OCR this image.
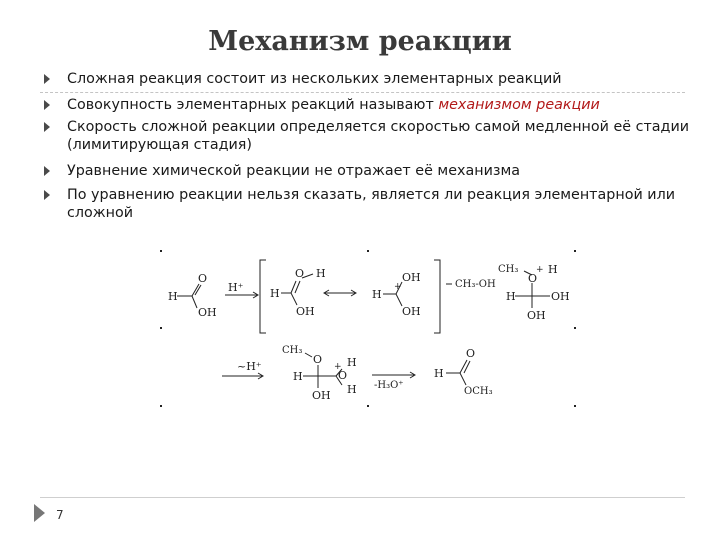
Механизм реакции
Сложная реакция состоит из нескольких элементарных реакций
Совокупность элементарных реакций называют механизмом реакции
Скорость сложной реакции определяется скоростью самой медленной её стадии (лимитирующая стадия)
Уравнение химической реакции не отражает её механизма
По уравнению реакции нельзя сказать, является ли реакция элементарной или сложной
H
O
OH
H⁺ H
O H
OH
H
+
OH
OH
CH₃-OH
CH₃
O
+ H
H	OH
OH
~H⁺
CH₃
O
H
OH
O
+ H
H -H₃O⁺
H
O
OCH₃
7
